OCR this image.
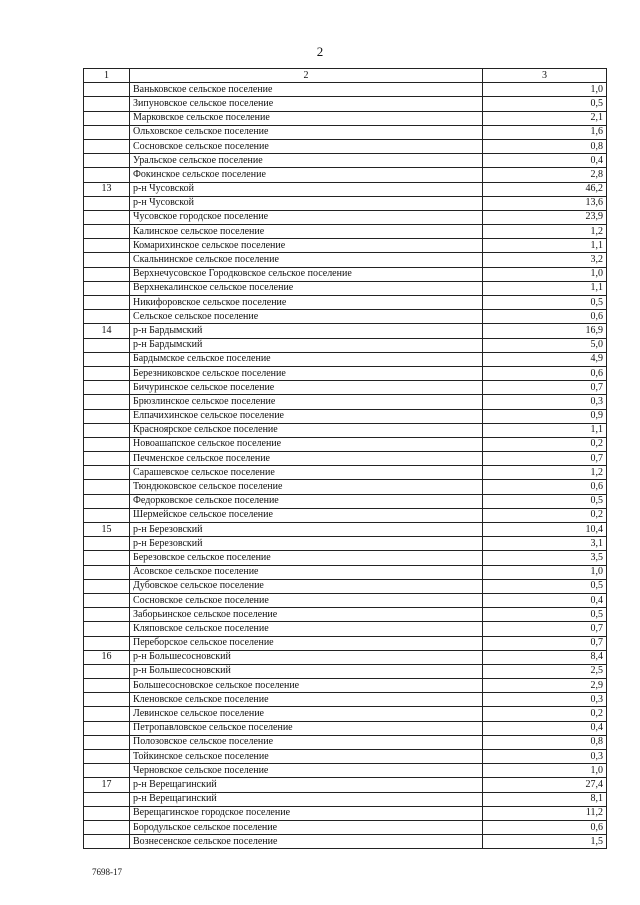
2
1	2	3
	Ваньковское сельское поселение	1,0
	Зипуновское сельское поселение	0,5
	Марковское сельское поселение	2,1
	Ольховское сельское поселение	1,6
	Сосновское сельское поселение	0,8
	Уральское сельское поселение	0,4
	Фокинское сельское поселение	2,8
13	р-н Чусовской	46,2
	р-н Чусовской	13,6
	Чусовское городское поселение	23,9
	Калинское сельское поселение	1,2
	Комарихинское сельское поселение	1,1
	Скальнинское сельское поселение	3,2
	Верхнечусовское Городковское сельское поселение	1,0
	Верхнекалинское сельское поселение	1,1
	Никифоровское сельское поселение	0,5
	Сельское сельское поселение	0,6
14	р-н Бардымский	16,9
	р-н Бардымский	5,0
	Бардымское сельское поселение	4,9
	Березниковское сельское поселение	0,6
	Бичуринское сельское поселение	0,7
	Брюзлинское сельское поселение	0,3
	Елпачихинское сельское поселение	0,9
	Красноярское сельское поселение	1,1
	Новоашапское сельское поселение	0,2
	Печменское сельское поселение	0,7
	Сарашевское сельское поселение	1,2
	Тюндюковское сельское поселение	0,6
	Федорковское сельское поселение	0,5
	Шермейское сельское поселение	0,2
15	р-н Березовский	10,4
	р-н Березовский	3,1
	Березовское сельское поселение	3,5
	Асовское сельское поселение	1,0
	Дубовское сельское поселение	0,5
	Сосновское сельское поселение	0,4
	Заборьинское сельское поселение	0,5
	Кляповское сельское поселение	0,7
	Переборское сельское поселение	0,7
16	р-н Большесосновский	8,4
	р-н Большесосновский	2,5
	Большесосновское сельское поселение	2,9
	Кленовское сельское поселение	0,3
	Левинское сельское поселение	0,2
	Петропавловское сельское поселение	0,4
	Полозовское сельское поселение	0,8
	Тойкинское сельское поселение	0,3
	Черновское сельское поселение	1,0
17	р-н Верещагинский	27,4
	р-н Верещагинский	8,1
	Верещагинское городское поселение	11,2
	Бородульское сельское поселение	0,6
	Вознесенское сельское поселение	1,5
7698-17
